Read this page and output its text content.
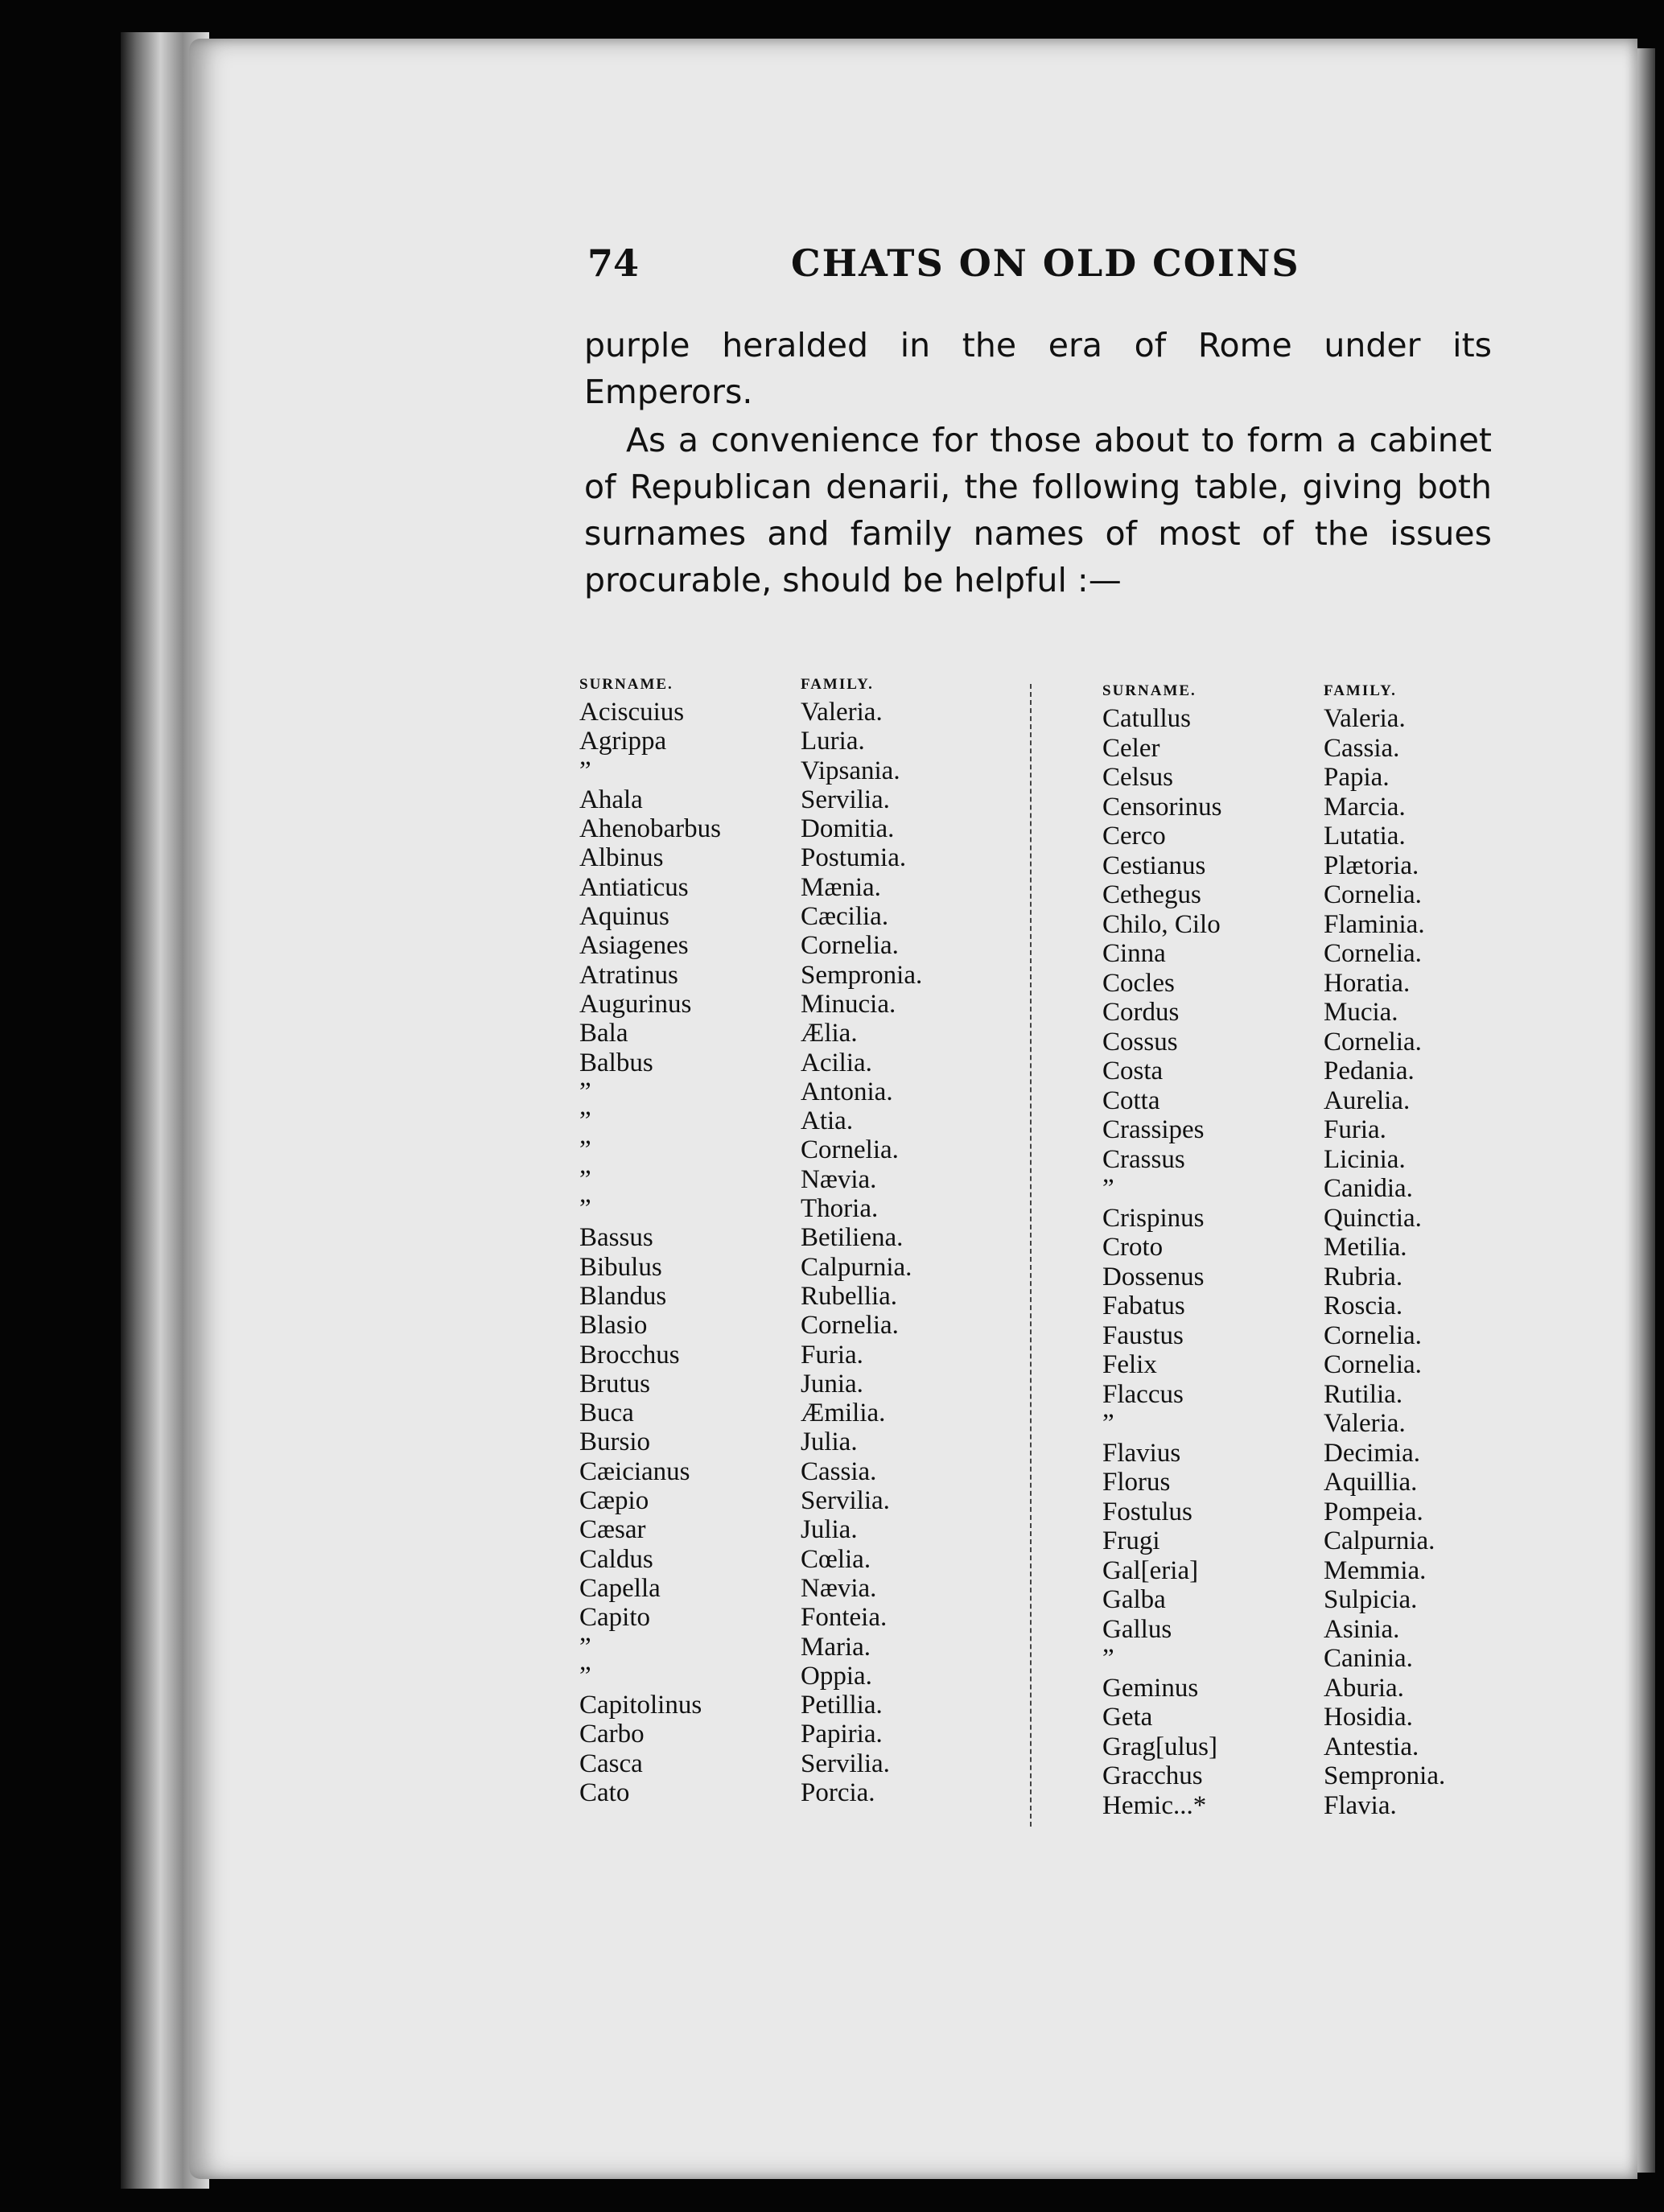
74	CHATS ON OLD COINS

purple heralded in the era of Rome under its Emperors.

As a convenience for those about to form a cabinet of Republican denarii, the following table, giving both surnames and family names of most of the issues procurable, should be helpful :—

SURNAME.
Aciscuius
Agrippa
”
Ahala
Ahenobarbus
Albinus
Antiaticus
Aquinus
Asiagenes
Atratinus
Augurinus
Bala
Balbus
”
”
”
”
”
Bassus
Bibulus
Blandus
Blasio
Brocchus
Brutus
Buca
Bursio
Cæicianus
Cæpio
Cæsar
Caldus
Capella
Capito
”
”
Capitolinus
Carbo
Casca
Cato
FAMILY.
Valeria.
Luria.
Vipsania.
Servilia.
Domitia.
Postumia.
Mænia.
Cæcilia.
Cornelia.
Sempronia.
Minucia.
Ælia.
Acilia.
Antonia.
Atia.
Cornelia.
Nævia.
Thoria.
Betiliena.
Calpurnia.
Rubellia.
Cornelia.
Furia.
Junia.
Æmilia.
Julia.
Cassia.
Servilia.
Julia.
Cœlia.
Nævia.
Fonteia.
Maria.
Oppia.
Petillia.
Papiria.
Servilia.
Porcia.
SURNAME.
Catullus
Celer
Celsus
Censorinus
Cerco
Cestianus
Cethegus
Chilo, Cilo
Cinna
Cocles
Cordus
Cossus
Costa
Cotta
Crassipes
Crassus
”
Crispinus
Croto
Dossenus
Fabatus
Faustus
Felix
Flaccus
”
Flavius
Florus
Fostulus
Frugi
Gal[eria]
Galba
Gallus
”
Geminus
Geta
Grag[ulus]
Gracchus
Hemic...*
FAMILY.
Valeria.
Cassia.
Papia.
Marcia.
Lutatia.
Plætoria.
Cornelia.
Flaminia.
Cornelia.
Horatia.
Mucia.
Cornelia.
Pedania.
Aurelia.
Furia.
Licinia.
Canidia.
Quinctia.
Metilia.
Rubria.
Roscia.
Cornelia.
Cornelia.
Rutilia.
Valeria.
Decimia.
Aquillia.
Pompeia.
Calpurnia.
Memmia.
Sulpicia.
Asinia.
Caninia.
Aburia.
Hosidia.
Antestia.
Sempronia.
Flavia.
